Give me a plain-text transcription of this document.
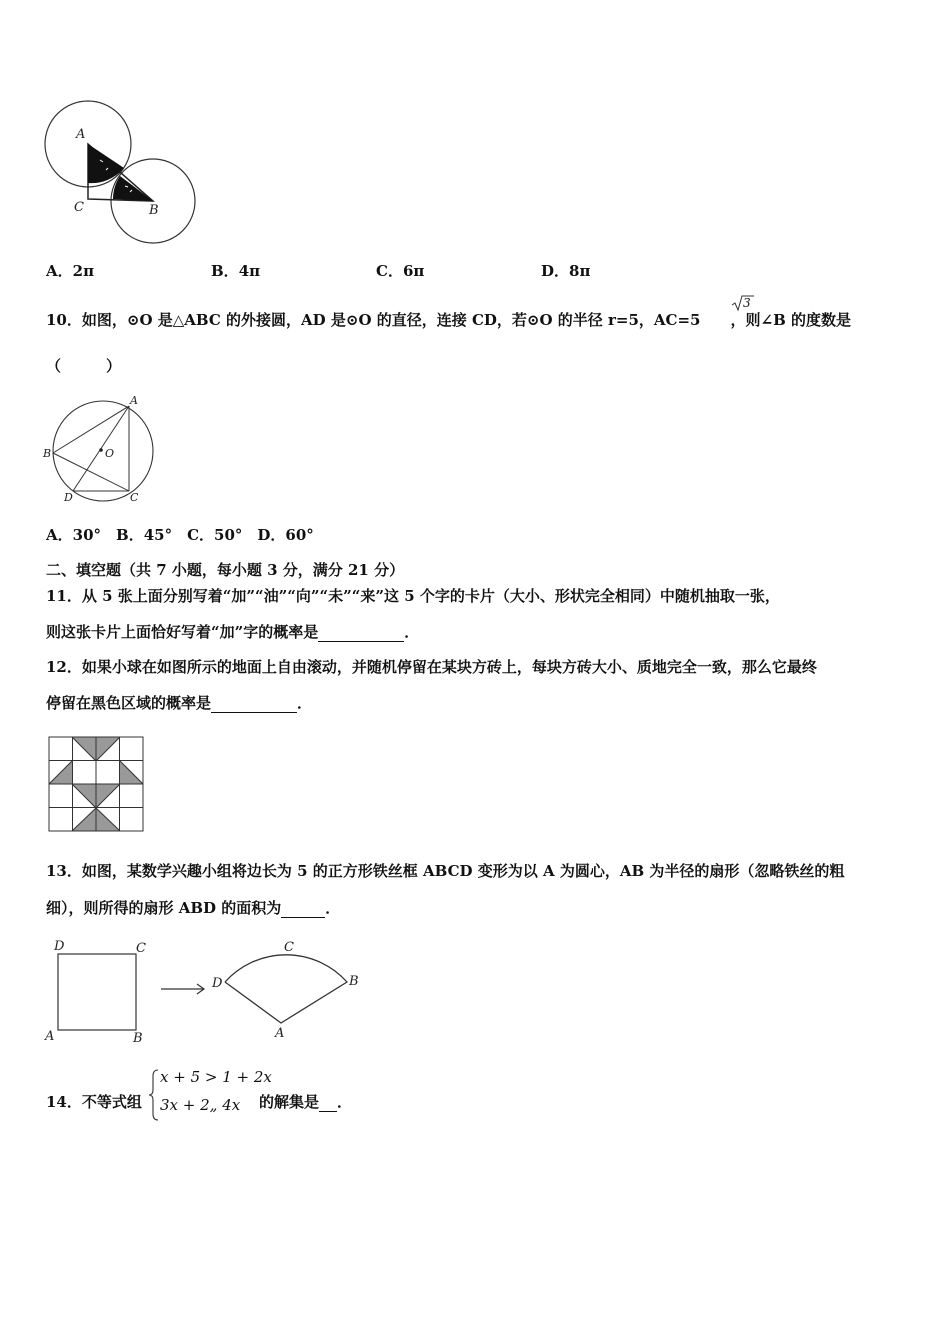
A
C	B
A．2π	B．4π	C．6π	D．8π
10．如图，⊙O 是△ABC 的外接圆，AD 是⊙O 的直径，连接 CD，若⊙O 的半径 r=5，AC=5 ，则∠B 的度数是
3
（　　　）
A
B	O
D	C
A．30°　B．45°　C．50°　D．60°
二、填空题（共 7 小题，每小题 3 分，满分 21 分）
11．从 5 张上面分别写着“加”“油”“向”“未”“来”这 5 个字的卡片（大小、形状完全相同）中随机抽取一张，
则这张卡片上面恰好写着“加”字的概率是	．
12．如果小球在如图所示的地面上自由滚动，并随机停留在某块方砖上，每块方砖大小、质地完全一致，那么它最终
停留在黑色区域的概率是	．
13．如图，某数学兴趣小组将边长为 5 的正方形铁丝框 ABCD 变形为以 A 为圆心，AB 为半径的扇形（忽略铁丝的粗
细），则所得的扇形 ABD 的面积为	．
D	C
A	B
C
D	B
A
14．不等式组
x + 5 > 1 + 2x
3x + 2„ 4x 的解集是 ．
